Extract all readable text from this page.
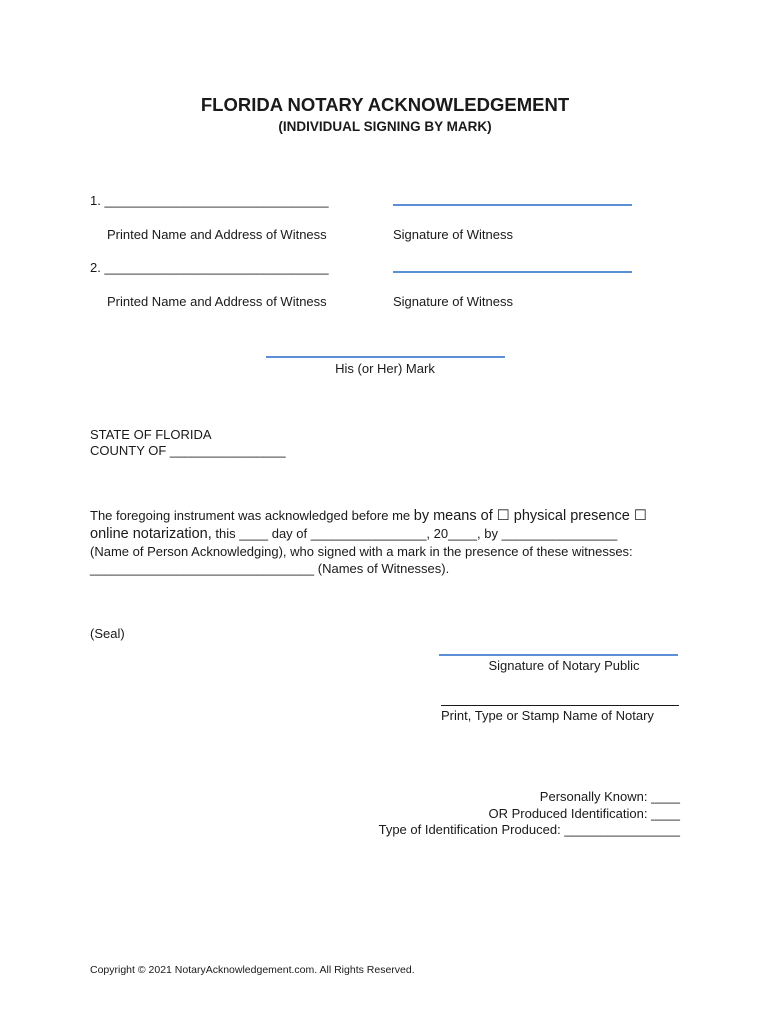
FLORIDA NOTARY ACKNOWLEDGEMENT
(INDIVIDUAL SIGNING BY MARK)
1. _______________________________
Printed Name and Address of Witness	Signature of Witness
2. _______________________________
Printed Name and Address of Witness	Signature of Witness
His (or Her) Mark
STATE OF FLORIDA
COUNTY OF ________________
The foregoing instrument was acknowledged before me by means of ☐ physical presence ☐
online notarization, this ____ day of ________________, 20____, by ________________
(Name of Person Acknowledging), who signed with a mark in the presence of these witnesses:
_______________________________ (Names of Witnesses).
(Seal)
Signature of Notary Public
Print, Type or Stamp Name of Notary
Personally Known: ____
OR Produced Identification: ____
Type of Identification Produced: ________________
Copyright © 2021 NotaryAcknowledgement.com. All Rights Reserved.
